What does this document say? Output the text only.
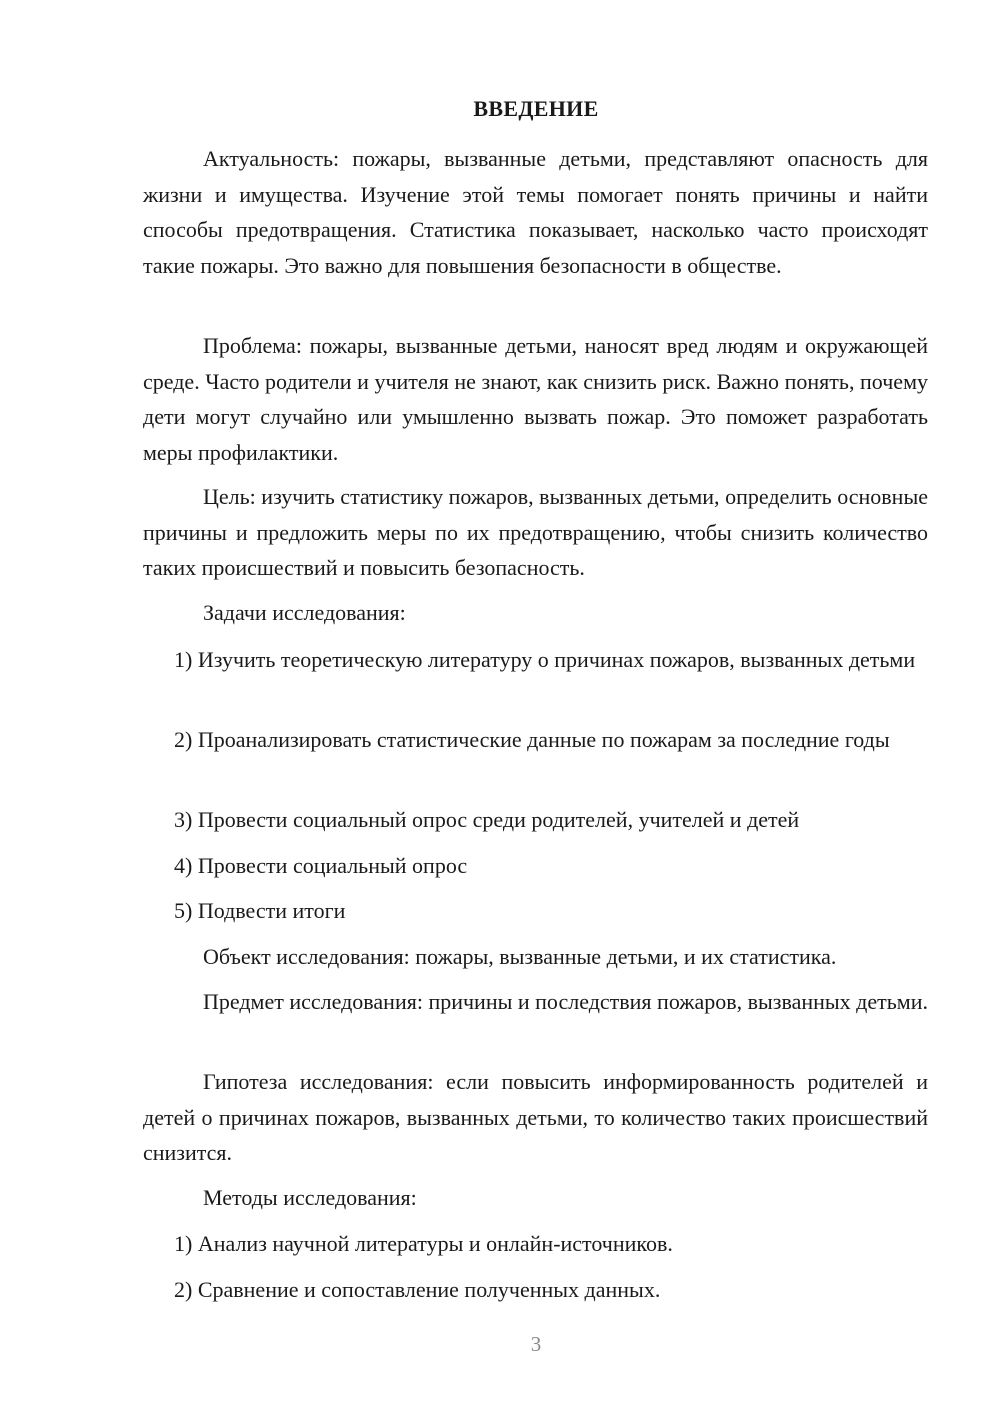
ВВЕДЕНИЕ

Актуальность: пожары, вызванные детьми, представляют опасность для жизни и имущества. Изучение этой темы помогает понять причины и найти способы предотвращения. Статистика показывает, насколько часто происходят такие пожары. Это важно для повышения безопасности в обществе.

Проблема: пожары, вызванные детьми, наносят вред людям и окружающей среде. Часто родители и учителя не знают, как снизить риск. Важно понять, почему дети могут случайно или умышленно вызвать пожар. Это поможет разработать меры профилактики.

Цель: изучить статистику пожаров, вызванных детьми, определить основные причины и предложить меры по их предотвращению, чтобы снизить количество таких происшествий и повысить безопасность.

Задачи исследования:

1) Изучить теоретическую литературу о причинах пожаров, вызванных детьми

2) Проанализировать статистические данные по пожарам за последние годы

3) Провести социальный опрос среди родителей, учителей и детей

4) Провести социальный опрос

5) Подвести итоги

Объект исследования: пожары, вызванные детьми, и их статистика.

Предмет исследования: причины и последствия пожаров, вызванных детьми.

Гипотеза исследования: если повысить информированность родителей и детей о причинах пожаров, вызванных детьми, то количество таких происшествий снизится.

Методы исследования:

1) Анализ научной литературы и онлайн-источников.

2) Сравнение и сопоставление полученных данных.

3
